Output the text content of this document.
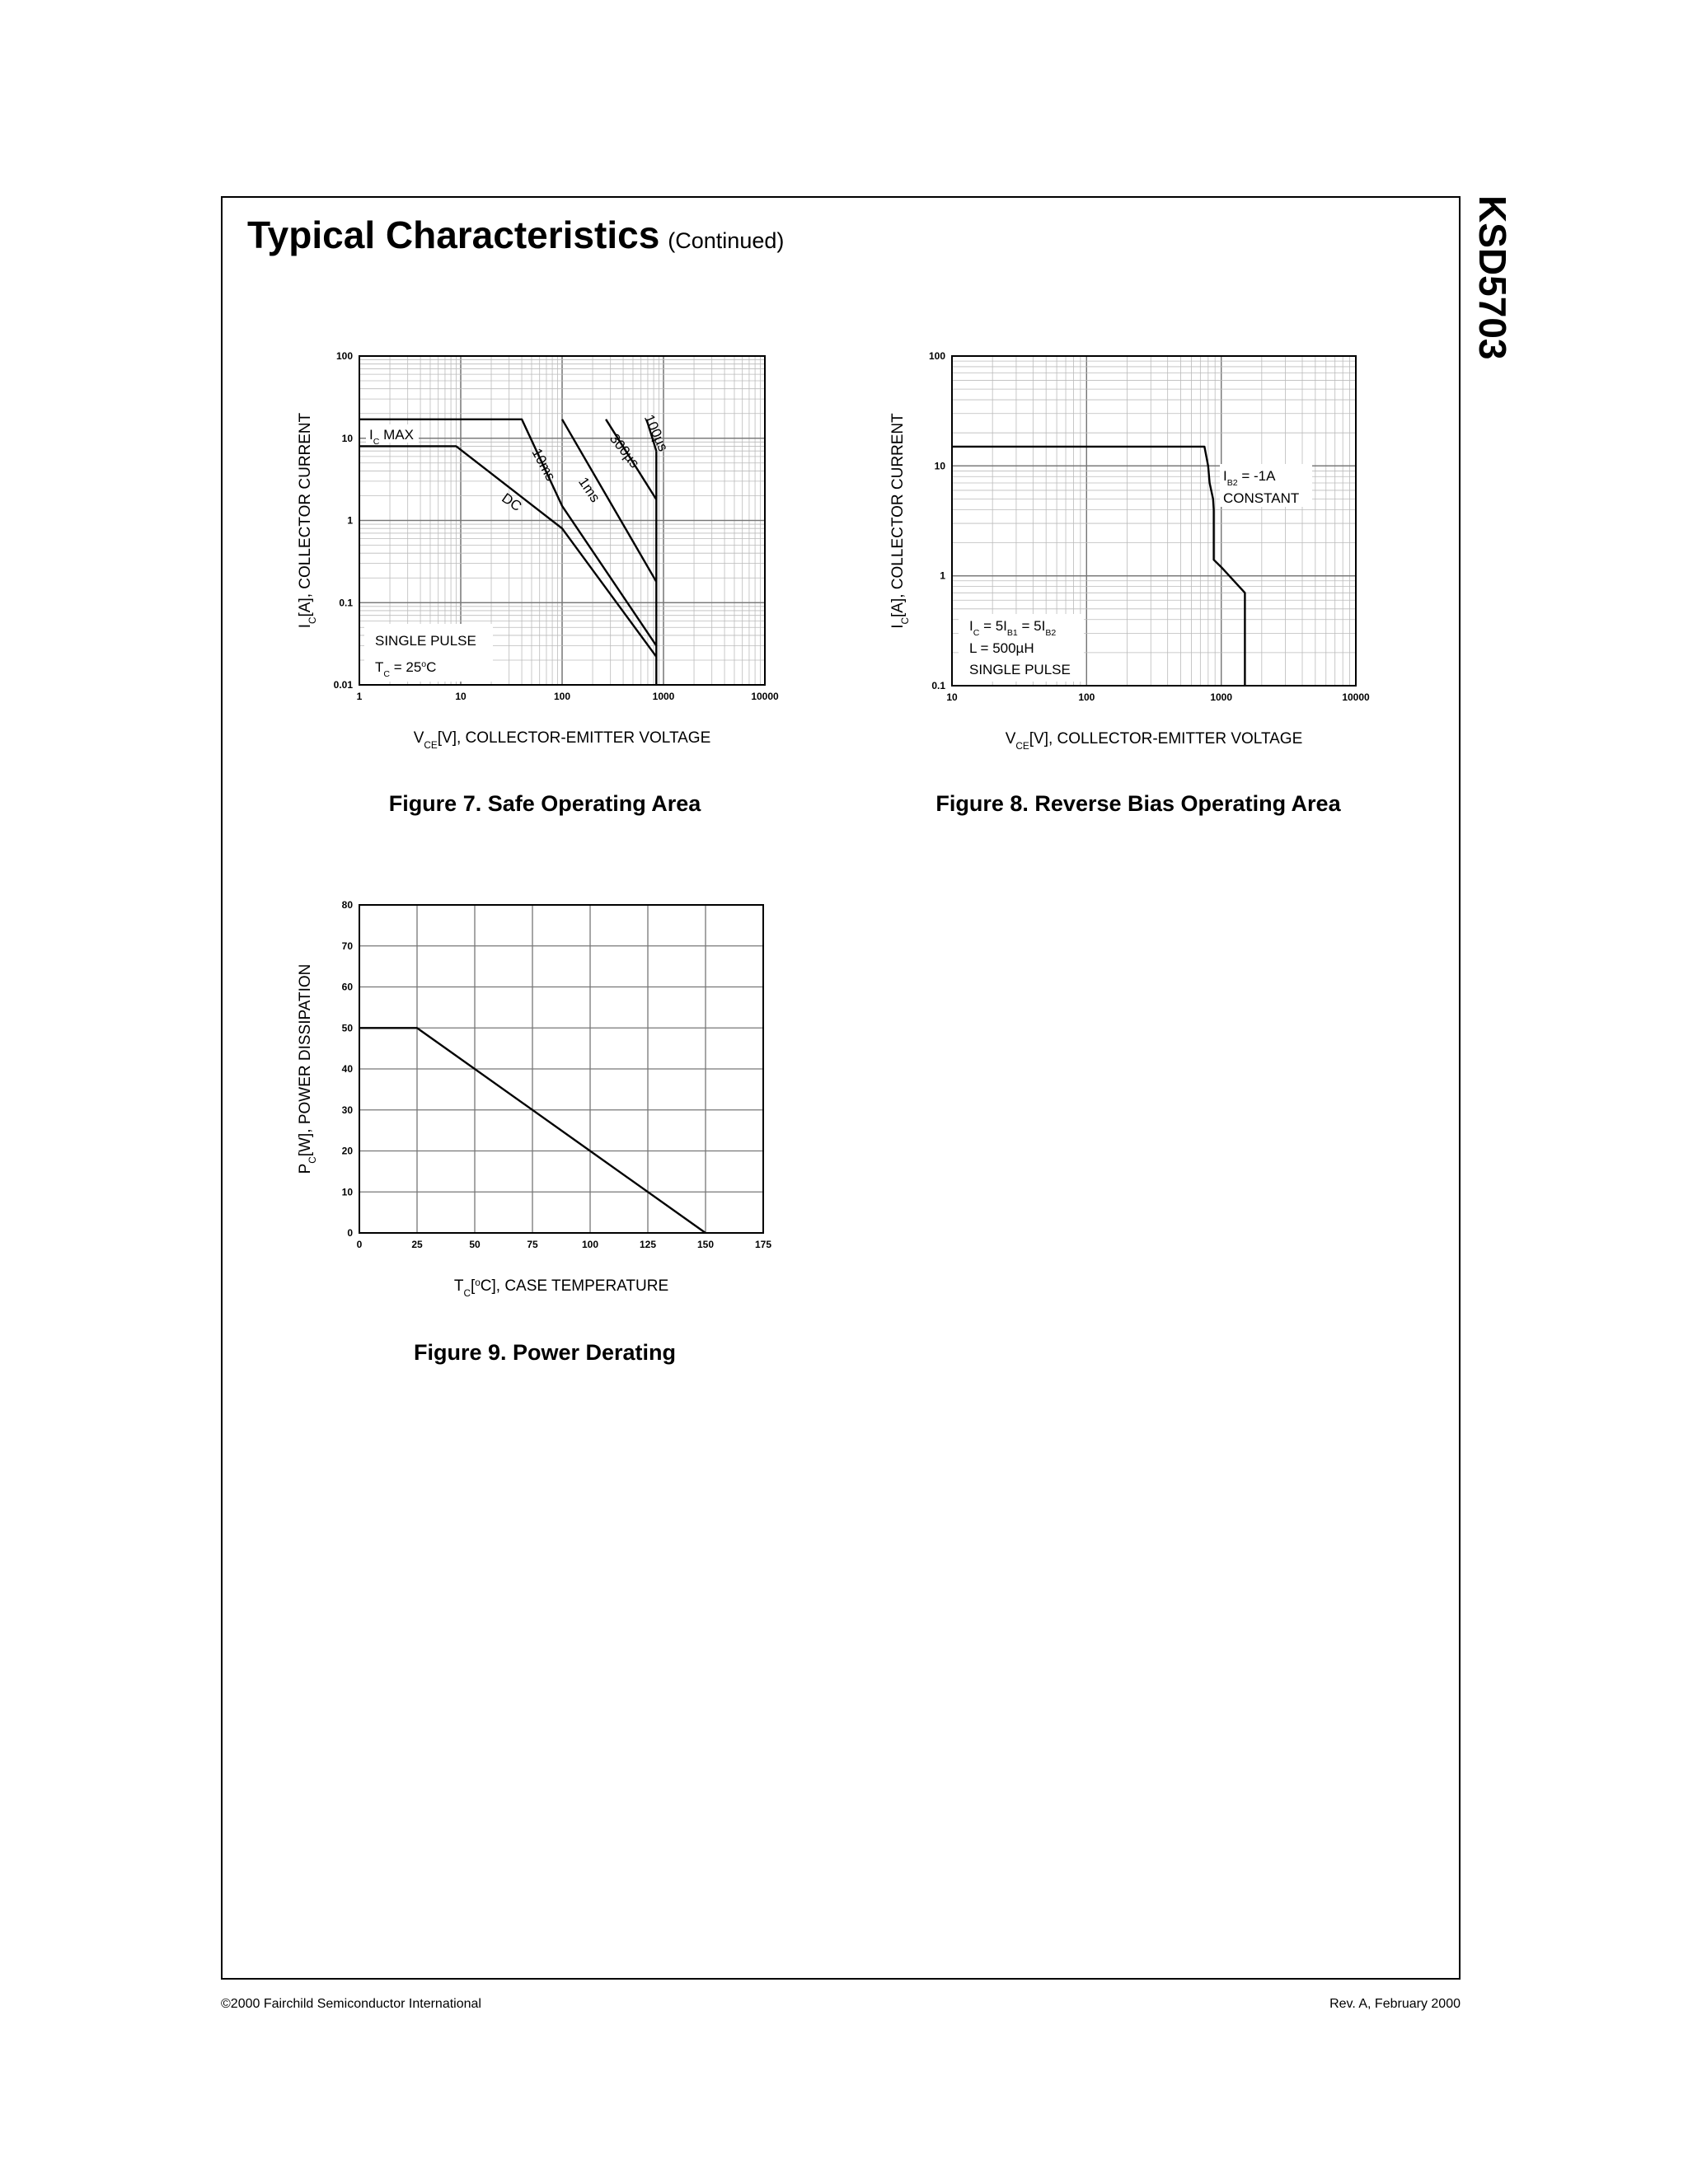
Typical Characteristics (Continued)	KSD5703
1	10	100	1000	10000
0.01
0.1
1
10
100
$V_{CE}[V]$, COLLECTOR-EMITTER VOLTAGE
$I_C[A]$, COLLECTOR CURRENT	$I_C$ MAX
SINGLE PULSE
$T_C = 25^oC$
DC
10ms
1ms
300µs
100µs
10	100	1000	10000
0.1
1
10
100
$V_{CE}[V]$, COLLECTOR-EMITTER VOLTAGE
$I_C[A]$, COLLECTOR CURRENT	$I_{B2} = -1A$
CONSTANT
$I_C = 5I_{B1} = 5I_{B2}$
L = 500µH
SINGLE PULSE
0	25	50	75	100	125	150	175
0
10
20
30
40
50
60
70
80
$T_C[^oC]$, CASE TEMPERATURE
$P_C[W]$, POWER DISSIPATION
Figure 7. Safe Operating Area	Figure 8. Reverse Bias Operating Area
Figure 9. Power Derating
©2000 Fairchild Semiconductor International	Rev. A, February 2000
